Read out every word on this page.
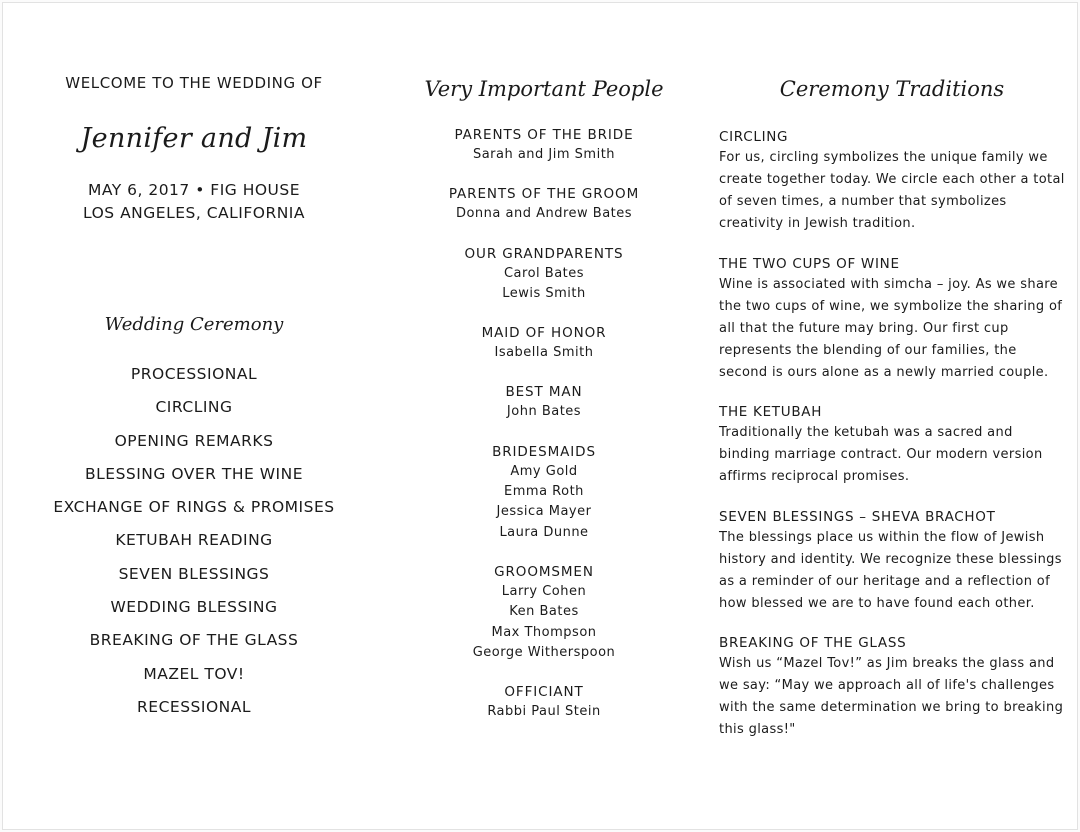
WELCOME TO THE WEDDING OF
Jennifer and Jim
MAY 6, 2017 • FIG HOUSE
LOS ANGELES, CALIFORNIA
Wedding Ceremony
PROCESSIONAL
CIRCLING
OPENING REMARKS
BLESSING OVER THE WINE
EXCHANGE OF RINGS & PROMISES
KETUBAH READING
SEVEN BLESSINGS
WEDDING BLESSING
BREAKING OF THE GLASS
MAZEL TOV!
RECESSIONAL
Very Important People
PARENTS OF THE BRIDE
Sarah and Jim Smith
PARENTS OF THE GROOM
Donna and Andrew Bates
OUR GRANDPARENTS
Carol Bates
Lewis Smith
MAID OF HONOR
Isabella Smith
BEST MAN
John Bates
BRIDESMAIDS
Amy Gold
Emma Roth
Jessica Mayer
Laura Dunne
GROOMSMEN
Larry Cohen
Ken Bates
Max Thompson
George Witherspoon
OFFICIANT
Rabbi Paul Stein
Ceremony Traditions
CIRCLING
For us, circling symbolizes the unique family we create together today. We circle each other a total of seven times, a number that symbolizes creativity in Jewish tradition.
THE TWO CUPS OF WINE
Wine is associated with simcha – joy. As we share the two cups of wine, we symbolize the sharing of all that the future may bring. Our first cup represents the blending of our families, the second is ours alone as a newly married couple.
THE KETUBAH
Traditionally the ketubah was a sacred and binding marriage contract. Our modern version affirms reciprocal promises.
SEVEN BLESSINGS – SHEVA BRACHOT
The blessings place us within the flow of Jewish history and identity. We recognize these blessings as a reminder of our heritage and a reflection of how blessed we are to have found each other.
BREAKING OF THE GLASS
Wish us “Mazel Tov!” as Jim breaks the glass and we say: “May we approach all of life's challenges with the same determination we bring to breaking this glass!"
